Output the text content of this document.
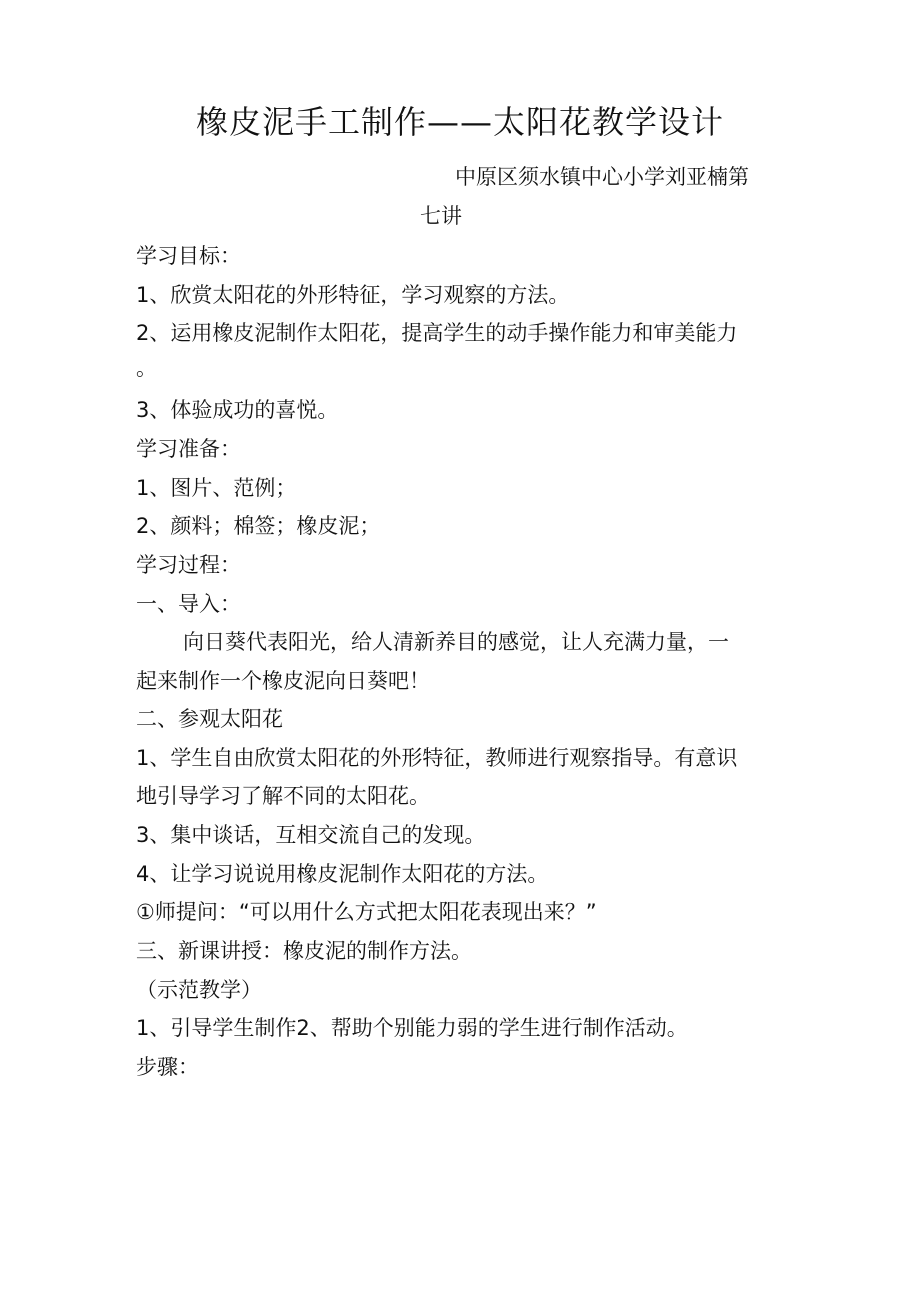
橡皮泥手工制作——太阳花教学设计
中原区须水镇中心小学刘亚楠第
七讲
学习目标：
1、欣赏太阳花的外形特征，学习观察的方法。
2、运用橡皮泥制作太阳花，提高学生的动手操作能力和审美能力
。
3、体验成功的喜悦。
学习准备：
1、图片、范例；
2、颜料；棉签；橡皮泥；
学习过程：
一、导入：
向日葵代表阳光，给人清新养目的感觉，让人充满力量，一
起来制作一个橡皮泥向日葵吧！
二、参观太阳花
1、学生自由欣赏太阳花的外形特征，教师进行观察指导。有意识
地引导学习了解不同的太阳花。
3、集中谈话，互相交流自己的发现。
4、让学习说说用橡皮泥制作太阳花的方法。
①师提问：“可以用什么方式把太阳花表现出来？”
三、新课讲授：橡皮泥的制作方法。
（示范教学）
1、引导学生制作2、帮助个别能力弱的学生进行制作活动。
步骤：
